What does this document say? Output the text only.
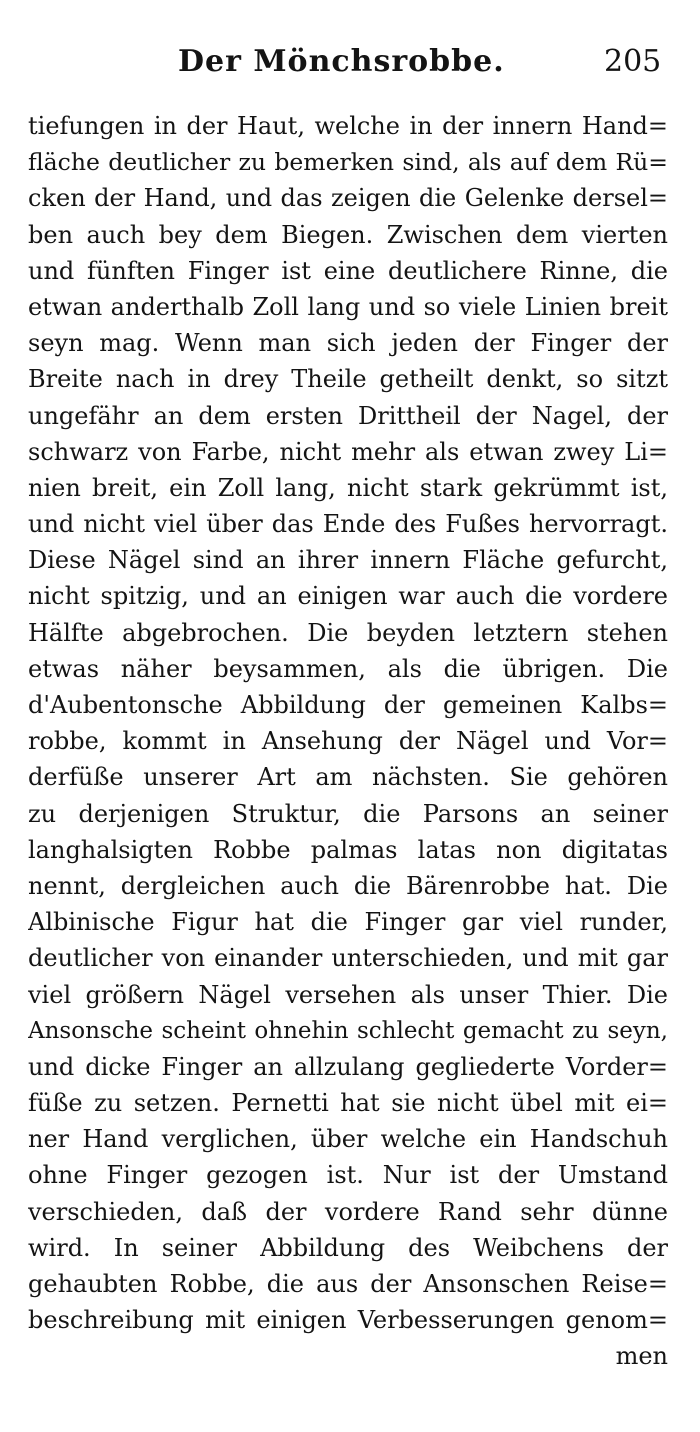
Der Mönchsrobbe.	205
tiefungen in der Haut, welche in der innern Hand=
fläche deutlicher zu bemerken sind, als auf dem Rü=
cken der Hand, und das zeigen die Gelenke dersel=
ben auch bey dem Biegen. Zwischen dem vierten
und fünften Finger ist eine deutlichere Rinne, die
etwan anderthalb Zoll lang und so viele Linien breit
seyn mag. Wenn man sich jeden der Finger der
Breite nach in drey Theile getheilt denkt, so sitzt
ungefähr an dem ersten Drittheil der Nagel, der
schwarz von Farbe, nicht mehr als etwan zwey Li=
nien breit, ein Zoll lang, nicht stark gekrümmt ist,
und nicht viel über das Ende des Fußes hervorragt.
Diese Nägel sind an ihrer innern Fläche gefurcht,
nicht spitzig, und an einigen war auch die vordere
Hälfte abgebrochen. Die beyden letztern stehen
etwas näher beysammen, als die übrigen. Die
d'Aubentonsche Abbildung der gemeinen Kalbs=
robbe, kommt in Ansehung der Nägel und Vor=
derfüße unserer Art am nächsten. Sie gehören
zu derjenigen Struktur, die Parsons an seiner
langhalsigten Robbe palmas latas non digitatas
nennt, dergleichen auch die Bärenrobbe hat. Die
Albinische Figur hat die Finger gar viel runder,
deutlicher von einander unterschieden, und mit gar
viel größern Nägel versehen als unser Thier. Die
Ansonsche scheint ohnehin schlecht gemacht zu seyn,
und dicke Finger an allzulang gegliederte Vorder=
füße zu setzen. Pernetti hat sie nicht übel mit ei=
ner Hand verglichen, über welche ein Handschuh
ohne Finger gezogen ist. Nur ist der Umstand
verschieden, daß der vordere Rand sehr dünne
wird. In seiner Abbildung des Weibchens der
gehaubten Robbe, die aus der Ansonschen Reise=
beschreibung mit einigen Verbesserungen genom=
men
